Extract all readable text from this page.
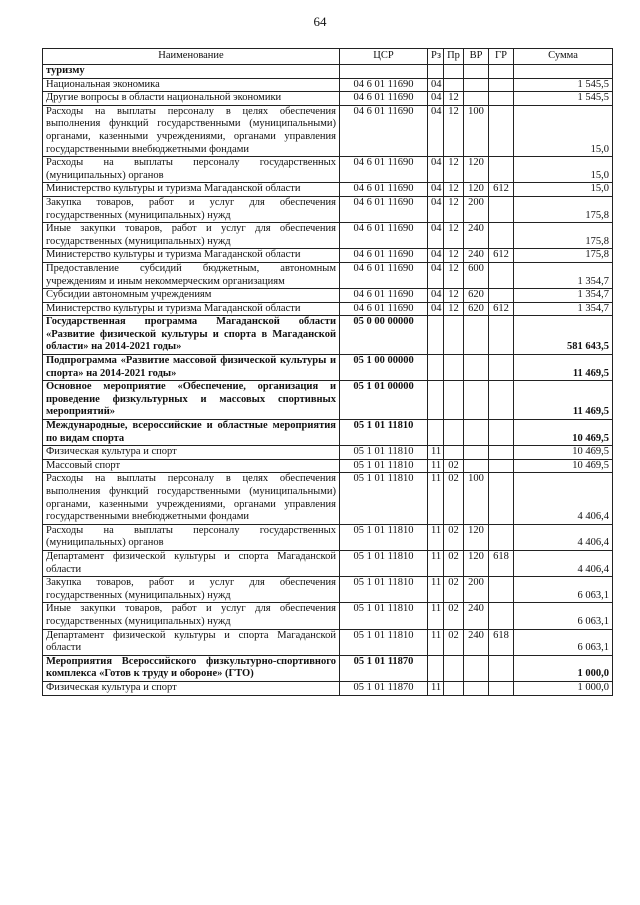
64
Наименование	ЦСР	Рз	Пр	ВР	ГР	Сумма
туризму						
Национальная экономика	04 6 01 11690	04				1 545,5
Другие вопросы в области национальной экономики	04 6 01 11690	04	12			1 545,5
Расходы на выплаты персоналу в целях обеспечения выполнения функций государственными (муниципальными) органами, казенными учреждениями, органами управления государственными внебюджетными фондами	04 6 01 11690	04	12	100		15,0
Расходы на выплаты персоналу государственных (муниципальных) органов	04 6 01 11690	04	12	120		15,0
Министерство культуры и туризма Магаданской области	04 6 01 11690	04	12	120	612	15,0
Закупка товаров, работ и услуг для обеспечения государственных (муниципальных) нужд	04 6 01 11690	04	12	200		175,8
Иные закупки товаров, работ и услуг для обеспечения государственных (муниципальных) нужд	04 6 01 11690	04	12	240		175,8
Министерство культуры и туризма Магаданской области	04 6 01 11690	04	12	240	612	175,8
Предоставление субсидий бюджетным, автономным учреждениям и иным некоммерческим организациям	04 6 01 11690	04	12	600		1 354,7
Субсидии автономным учреждениям	04 6 01 11690	04	12	620		1 354,7
Министерство культуры и туризма Магаданской области	04 6 01 11690	04	12	620	612	1 354,7
Государственная программа Магаданской области «Развитие физической культуры и спорта в Магаданской области» на 2014-2021 годы»	05 0 00 00000					581 643,5
Подпрограмма «Развитие массовой физической культуры и спорта» на 2014-2021 годы»	05 1 00 00000					11 469,5
Основное мероприятие «Обеспечение, организация и проведение физкультурных и массовых спортивных мероприятий»	05 1 01 00000					11 469,5
Международные, всероссийские и областные мероприятия по видам спорта	05 1 01 11810					10 469,5
Физическая культура и спорт	05 1 01 11810	11				10 469,5
Массовый спорт	05 1 01 11810	11	02			10 469,5
Расходы на выплаты персоналу в целях обеспечения выполнения функций государственными (муниципальными) органами, казенными учреждениями, органами управления государственными внебюджетными фондами	05 1 01 11810	11	02	100		4 406,4
Расходы на выплаты персоналу государственных (муниципальных) органов	05 1 01 11810	11	02	120		4 406,4
Департамент физической культуры и спорта Магаданской области	05 1 01 11810	11	02	120	618	4 406,4
Закупка товаров, работ и услуг для обеспечения государственных (муниципальных) нужд	05 1 01 11810	11	02	200		6 063,1
Иные закупки товаров, работ и услуг для обеспечения государственных (муниципальных) нужд	05 1 01 11810	11	02	240		6 063,1
Департамент физической культуры и спорта Магаданской области	05 1 01 11810	11	02	240	618	6 063,1
Мероприятия Всероссийского физкультурно-спортивного комплекса «Готов к труду и обороне» (ГТО)	05 1 01 11870					1 000,0
Физическая культура и спорт	05 1 01 11870	11				1 000,0
